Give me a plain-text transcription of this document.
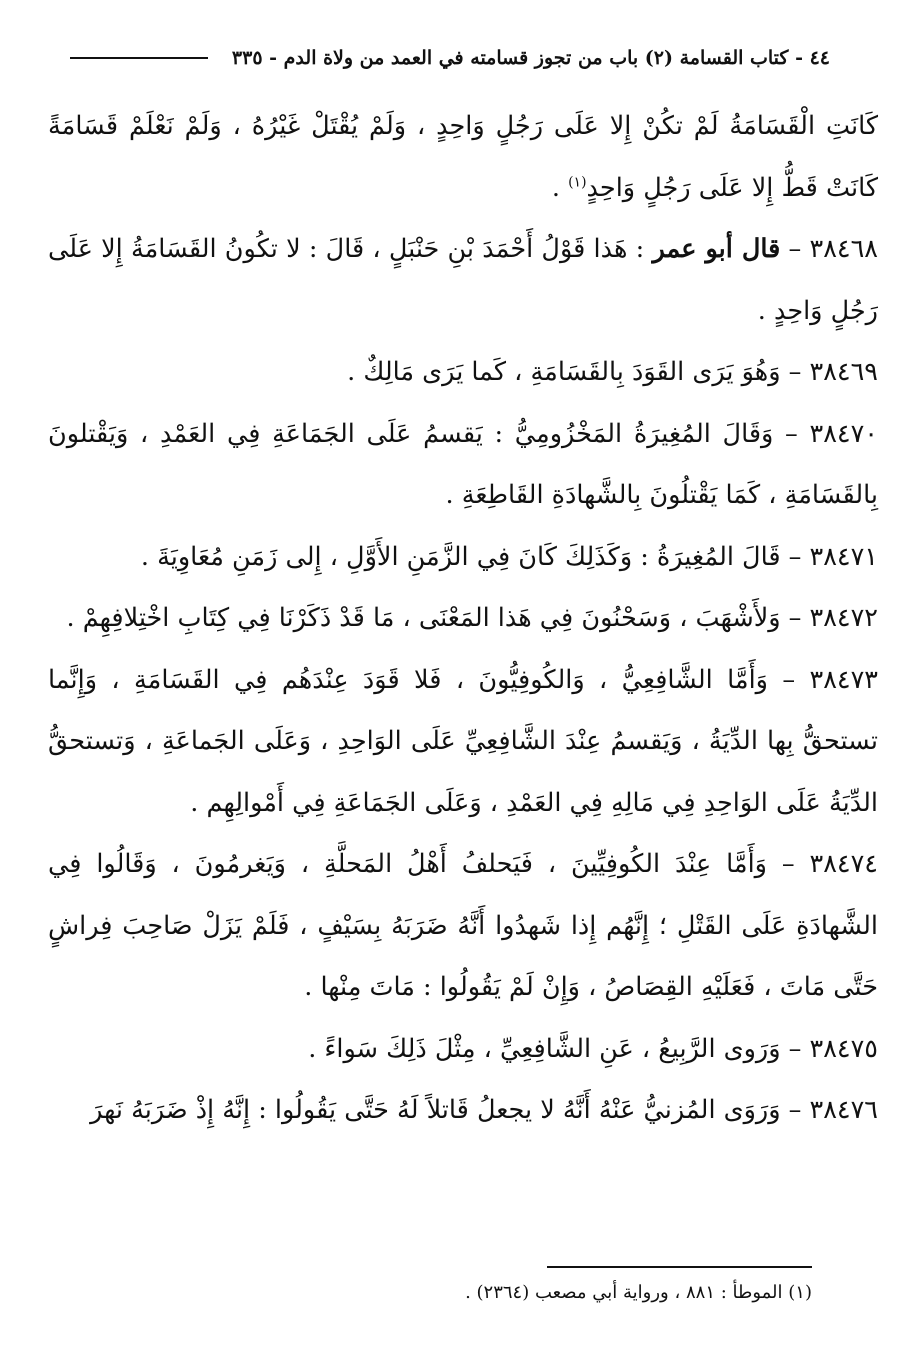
٤٤ - كتاب القسامة (٢) باب من تجوز قسامته في العمد من ولاة الدم - ٣٣٥

كَانَتِ الْقَسَامَةُ لَمْ تكُنْ إِلا عَلَى رَجُلٍ وَاحِدٍ ، وَلَمْ يُقْتَلْ غَيْرُهُ ، وَلَمْ نَعْلَمْ قَسَامَةً كَانَتْ قَطُّ إِلا عَلَى رَجُلٍ وَاحِدٍ$^{(١)}$ .

٣٨٤٦٨ – قال أبو عمر : هَذا قَوْلُ أَحْمَدَ بْنِ حَنْبَلٍ ، قَالَ : لا تكُونُ القَسَامَةُ إِلا عَلَى رَجُلٍ وَاحِدٍ .

٣٨٤٦٩ – وَهُوَ يَرَى القَوَدَ بِالقَسَامَةِ ، كَما يَرَى مَالِكٌ .

٣٨٤٧٠ – وَقَالَ المُغِيرَةُ المَخْزُومِيُّ : يَقسمُ عَلَى الجَمَاعَةِ فِي العَمْدِ ، وَيَقْتلونَ بِالقَسَامَةِ ، كَمَا يَقْتلُونَ بِالشَّهادَةِ القَاطِعَةِ .

٣٨٤٧١ – قَالَ المُغِيرَةُ : وَكَذَلِكَ كَانَ فِي الزَّمَنِ الأَوَّلِ ، إِلى زَمَنِ مُعَاوِيَةَ .

٣٨٤٧٢ – وَلأَشْهَبَ ، وَسَحْنُونَ فِي هَذا المَعْنَى ، مَا قَدْ ذَكَرْنَا فِي كِتَابِ اخْتِلافِهِمْ .

٣٨٤٧٣ – وَأَمَّا الشَّافِعِيُّ ، وَالكُوفِيُّونَ ، فَلا قَوَدَ عِنْدَهُم فِي القَسَامَةِ ، وَإِنَّما تستحقُّ بِها الدِّيَةُ ، وَيَقسمُ عِنْدَ الشَّافِعِيِّ عَلَى الوَاحِدِ ، وَعَلَى الجَماعَةِ ، وَتستحقُّ الدِّيَةُ عَلَى الوَاحِدِ فِي مَالِهِ فِي العَمْدِ ، وَعَلَى الجَمَاعَةِ فِي أَمْوالِهِم .

٣٨٤٧٤ – وَأَمَّا عِنْدَ الكُوفِيِّينَ ، فَيَحلفُ أَهْلُ المَحلَّةِ ، وَيَغرمُونَ ، وَقَالُوا فِي الشَّهادَةِ عَلَى القَتْلِ ؛ إِنَّهُم إِذا شَهدُوا أَنَّهُ ضَرَبَهُ بِسَيْفٍ ، فَلَمْ يَزَلْ صَاحِبَ فِراشٍ حَتَّى مَاتَ ، فَعَلَيْهِ القِصَاصُ ، وَإِنْ لَمْ يَقُولُوا : مَاتَ مِنْها .

٣٨٤٧٥ – وَرَوى الرَّبِيعُ ، عَنِ الشَّافِعِيِّ ، مِثْلَ ذَلِكَ سَواءً .

٣٨٤٧٦ – وَرَوَى المُزنيُّ عَنْهُ أَنَّهُ لا يجعلُ قَاتلاً لَهُ حَتَّى يَقُولُوا : إِنَّهُ إِذْ ضَرَبَهُ نَهرَ

(١) الموطأ : ٨٨١ ، ورواية أبي مصعب (٢٣٦٤) .
